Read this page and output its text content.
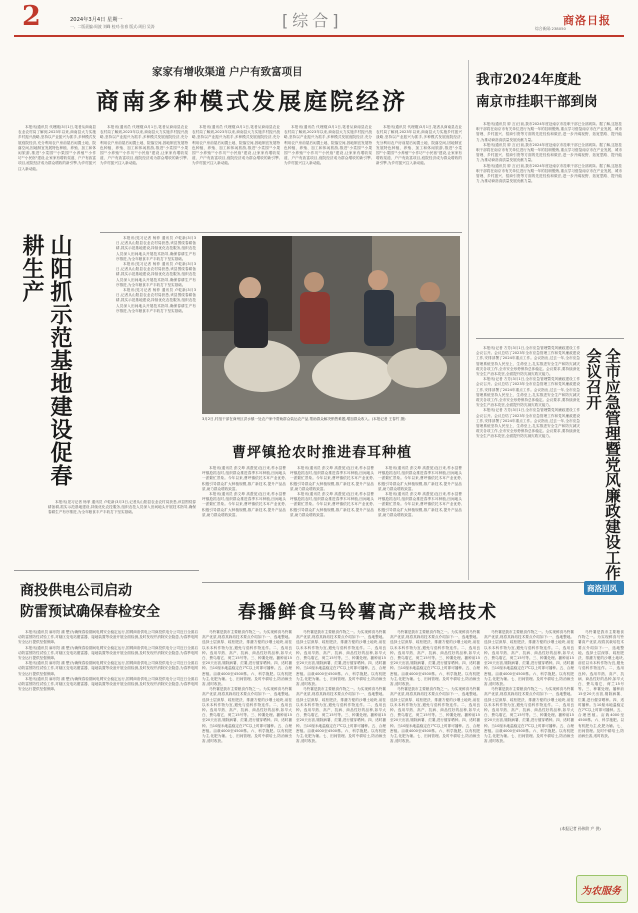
2	2024年3月4日 星期一
一、二版责编:周波 刘峰 校对:张春 版式:周田 吴涛	[综合]	商洛日报
综合新闻:238050
家家有增收渠道 户户有致富项目
商南多种模式发展庭院经济

本报讯(通讯员 代理刚)3月1日,笔者从商南县农业农村局了解到,2023年以来,商南县大力实施乡村振兴战略,坚持以产业振兴为抓手,多种模式发展庭院经济,充分利用农户房前屋后闲置土地、院落空间,因地制宜发展特色种植、养殖、加工和休闲旅游,推进"小菜园""小果园""小养殖""小作坊""小民宿"建设,让家家有增收渠道、户户有致富项目,庭院经济成为群众增收的新引擎,为乡村振兴注入新动能。

本报讯(通讯员 代理刚)3月1日,笔者从商南县农业农村局了解到,2023年以来,商南县大力实施乡村振兴战略,坚持以产业振兴为抓手,多种模式发展庭院经济,充分利用农户房前屋后闲置土地、院落空间,因地制宜发展特色种植、养殖、加工和休闲旅游,推进"小菜园""小果园""小养殖""小作坊""小民宿"建设,让家家有增收渠道、户户有致富项目,庭院经济成为群众增收的新引擎,为乡村振兴注入新动能。

本报讯(通讯员 代理刚)3月1日,笔者从商南县农业农村局了解到,2023年以来,商南县大力实施乡村振兴战略,坚持以产业振兴为抓手,多种模式发展庭院经济,充分利用农户房前屋后闲置土地、院落空间,因地制宜发展特色种植、养殖、加工和休闲旅游,推进"小菜园""小果园""小养殖""小作坊""小民宿"建设,让家家有增收渠道、户户有致富项目,庭院经济成为群众增收的新引擎,为乡村振兴注入新动能。

本报讯(通讯员 代理刚)3月1日,笔者从商南县农业农村局了解到,2023年以来,商南县大力实施乡村振兴战略,坚持以产业振兴为抓手,多种模式发展庭院经济,充分利用农户房前屋后闲置土地、院落空间,因地制宜发展特色种植、养殖、加工和休闲旅游,推进"小菜园""小果园""小养殖""小作坊""小民宿"建设,让家家有增收渠道、户户有致富项目,庭院经济成为群众增收的新引擎,为乡村振兴注入新动能。

本报讯(通讯员 代理刚)3月1日,笔者从商南县农业农村局了解到,2023年以来,商南县大力实施乡村振兴战略,坚持以产业振兴为抓手,多种模式发展庭院经济,充分利用农户房前屋后闲置土地、院落空间,因地制宜发展特色种植、养殖、加工和休闲旅游,推进"小菜园""小果园""小养殖""小作坊""小民宿"建设,让家家有增收渠道、户户有致富项目,庭院经济成为群众增收的新引擎,为乡村振兴注入新动能。

山阳抓示范基地建设促春耕生产	本报讯(见习记者 杨菲 通讯员 卢乾新)3月3日,记者从山阳县农业农村局获悉,该县围绕春耕备耕,抓实示范基地建设,持续优化农技服务,组织农技人员深入田间地头开展技术指导,确保春耕生产有序推进,为全年粮食丰产丰收打下坚实基础。

本报讯(见习记者 杨菲 通讯员 卢乾新)3月3日,记者从山阳县农业农村局获悉,该县围绕春耕备耕,抓实示范基地建设,持续优化农技服务,组织农技人员深入田间地头开展技术指导,确保春耕生产有序推进,为全年粮食丰产丰收打下坚实基础。

本报讯(见习记者 杨菲 通讯员 卢乾新)3月3日,记者从山阳县农业农村局获悉,该县围绕春耕备耕,抓实示范基地建设,持续优化农技服务,组织农技人员深入田间地头开展技术指导,确保春耕生产有序推进,为全年粮食丰产丰收打下坚实基础。

本报讯(见习记者 杨菲 通讯员 卢乾新)3月3日,记者从山阳县农业农村局获悉,该县围绕春耕备耕,抓实示范基地建设,持续优化农技服务,组织农技人员深入田间地头开展技术指导,确保春耕生产有序推进,为全年粮食丰产丰收打下坚实基础。

3月2日,村组干部在商州区洪水镇一处农户家中帮助群众装运农产品,帮助群众解决销售难题,增加群众收入。(本报记者 王春竹 摄)
曹坪镇抢农时推进春耳种植

本报讯(通讯员 彭文坤 高澄宽)连日来,柞水县曹坪镇抢抓农时,组织群众推进春季木耳种植,田间地头一派繁忙景象。今年以来,曹坪镇依托木耳产业优势,积极引导群众扩大种植规模,推广新技术,提升产品品质,助力群众增收致富。

本报讯(通讯员 彭文坤 高澄宽)连日来,柞水县曹坪镇抢抓农时,组织群众推进春季木耳种植,田间地头一派繁忙景象。今年以来,曹坪镇依托木耳产业优势,积极引导群众扩大种植规模,推广新技术,提升产品品质,助力群众增收致富。

本报讯(通讯员 彭文坤 高澄宽)连日来,柞水县曹坪镇抢抓农时,组织群众推进春季木耳种植,田间地头一派繁忙景象。今年以来,曹坪镇依托木耳产业优势,积极引导群众扩大种植规模,推广新技术,提升产品品质,助力群众增收致富。

本报讯(通讯员 彭文坤 高澄宽)连日来,柞水县曹坪镇抢抓农时,组织群众推进春季木耳种植,田间地头一派繁忙景象。今年以来,曹坪镇依托木耳产业优势,积极引导群众扩大种植规模,推广新技术,提升产品品质,助力群众增收致富。

本报讯(通讯员 彭文坤 高澄宽)连日来,柞水县曹坪镇抢抓农时,组织群众推进春季木耳种植,田间地头一派繁忙景象。今年以来,曹坪镇依托木耳产业优势,积极引导群众扩大种植规模,推广新技术,提升产品品质,助力群众增收致富。

本报讯(通讯员 彭文坤 高澄宽)连日来,柞水县曹坪镇抢抓农时,组织群众推进春季木耳种植,田间地头一派繁忙景象。今年以来,曹坪镇依托木耳产业优势,积极引导群众扩大种植规模,推广新技术,提升产品品质,助力群众增收致富。

商投供电公司启动
防雷预试确保春检安全

本报讯(通讯员 麻东阳 蒲 懋)为确保春检期间电网安全稳定运行,国网商洛供电公司商投供电分公司近日全面启动防雷预防性试验工作,对辖区变电站避雷器、接地装置等设备开展全面检测,及时发现并消除安全隐患,为春季电网安全运行提供坚强保障。

本报讯(通讯员 麻东阳 蒲 懋)为确保春检期间电网安全稳定运行,国网商洛供电公司商投供电分公司近日全面启动防雷预防性试验工作,对辖区变电站避雷器、接地装置等设备开展全面检测,及时发现并消除安全隐患,为春季电网安全运行提供坚强保障。

本报讯(通讯员 麻东阳 蒲 懋)为确保春检期间电网安全稳定运行,国网商洛供电公司商投供电分公司近日全面启动防雷预防性试验工作,对辖区变电站避雷器、接地装置等设备开展全面检测,及时发现并消除安全隐患,为春季电网安全运行提供坚强保障。

本报讯(通讯员 麻东阳 蒲 懋)为确保春检期间电网安全稳定运行,国网商洛供电公司商投供电分公司近日全面启动防雷预防性试验工作,对辖区变电站避雷器、接地装置等设备开展全面检测,及时发现并消除安全隐患,为春季电网安全运行提供坚强保障。

春播鲜食马铃薯高产栽培技术

马铃薯是我市主要粮食作物之一。为实现鲜食马铃薯高产优质,现将其栽培技术要点介绍如下:一、选地整地。选择土层深厚、疏松肥沃、排灌方便的沙壤土地块,前茬以禾本科作物为宜,避免与茄科作物连作。二、选用良种。选用早熟、高产、抗病、商品性好的品种,如早大白、费乌瑞它、荷兰15号等。三、种薯处理。播种前15至20天出窖,剔除病薯、烂薯,进行催芽晒种。四、适时播种。当10厘米地温稳定在7℃以上时即可播种。五、合理密植。亩栽4000至4500株。六、科学施肥。以有机肥为主,化肥为辅。七、田间管理。及时中耕培土,防治病虫害,适时收获。

马铃薯是我市主要粮食作物之一。为实现鲜食马铃薯高产优质,现将其栽培技术要点介绍如下:一、选地整地。选择土层深厚、疏松肥沃、排灌方便的沙壤土地块,前茬以禾本科作物为宜,避免与茄科作物连作。二、选用良种。选用早熟、高产、抗病、商品性好的品种,如早大白、费乌瑞它、荷兰15号等。三、种薯处理。播种前15至20天出窖,剔除病薯、烂薯,进行催芽晒种。四、适时播种。当10厘米地温稳定在7℃以上时即可播种。五、合理密植。亩栽4000至4500株。六、科学施肥。以有机肥为主,化肥为辅。七、田间管理。及时中耕培土,防治病虫害,适时收获。

马铃薯是我市主要粮食作物之一。为实现鲜食马铃薯高产优质,现将其栽培技术要点介绍如下:一、选地整地。选择土层深厚、疏松肥沃、排灌方便的沙壤土地块,前茬以禾本科作物为宜,避免与茄科作物连作。二、选用良种。选用早熟、高产、抗病、商品性好的品种,如早大白、费乌瑞它、荷兰15号等。三、种薯处理。播种前15至20天出窖,剔除病薯、烂薯,进行催芽晒种。四、适时播种。当10厘米地温稳定在7℃以上时即可播种。五、合理密植。亩栽4000至4500株。六、科学施肥。以有机肥为主,化肥为辅。七、田间管理。及时中耕培土,防治病虫害,适时收获。

马铃薯是我市主要粮食作物之一。为实现鲜食马铃薯高产优质,现将其栽培技术要点介绍如下:一、选地整地。选择土层深厚、疏松肥沃、排灌方便的沙壤土地块,前茬以禾本科作物为宜,避免与茄科作物连作。二、选用良种。选用早熟、高产、抗病、商品性好的品种,如早大白、费乌瑞它、荷兰15号等。三、种薯处理。播种前15至20天出窖,剔除病薯、烂薯,进行催芽晒种。四、适时播种。当10厘米地温稳定在7℃以上时即可播种。五、合理密植。亩栽4000至4500株。六、科学施肥。以有机肥为主,化肥为辅。七、田间管理。及时中耕培土,防治病虫害,适时收获。

马铃薯是我市主要粮食作物之一。为实现鲜食马铃薯高产优质,现将其栽培技术要点介绍如下:一、选地整地。选择土层深厚、疏松肥沃、排灌方便的沙壤土地块,前茬以禾本科作物为宜,避免与茄科作物连作。二、选用良种。选用早熟、高产、抗病、商品性好的品种,如早大白、费乌瑞它、荷兰15号等。三、种薯处理。播种前15至20天出窖,剔除病薯、烂薯,进行催芽晒种。四、适时播种。当10厘米地温稳定在7℃以上时即可播种。五、合理密植。亩栽4000至4500株。六、科学施肥。以有机肥为主,化肥为辅。七、田间管理。及时中耕培土,防治病虫害,适时收获。

马铃薯是我市主要粮食作物之一。为实现鲜食马铃薯高产优质,现将其栽培技术要点介绍如下:一、选地整地。选择土层深厚、疏松肥沃、排灌方便的沙壤土地块,前茬以禾本科作物为宜,避免与茄科作物连作。二、选用良种。选用早熟、高产、抗病、商品性好的品种,如早大白、费乌瑞它、荷兰15号等。三、种薯处理。播种前15至20天出窖,剔除病薯、烂薯,进行催芽晒种。四、适时播种。当10厘米地温稳定在7℃以上时即可播种。五、合理密植。亩栽4000至4500株。六、科学施肥。以有机肥为主,化肥为辅。七、田间管理。及时中耕培土,防治病虫害,适时收获。

马铃薯是我市主要粮食作物之一。为实现鲜食马铃薯高产优质,现将其栽培技术要点介绍如下:一、选地整地。选择土层深厚、疏松肥沃、排灌方便的沙壤土地块,前茬以禾本科作物为宜,避免与茄科作物连作。二、选用良种。选用早熟、高产、抗病、商品性好的品种,如早大白、费乌瑞它、荷兰15号等。三、种薯处理。播种前15至20天出窖,剔除病薯、烂薯,进行催芽晒种。四、适时播种。当10厘米地温稳定在7℃以上时即可播种。五、合理密植。亩栽4000至4500株。六、科学施肥。以有机肥为主,化肥为辅。七、田间管理。及时中耕培土,防治病虫害,适时收获。

马铃薯是我市主要粮食作物之一。为实现鲜食马铃薯高产优质,现将其栽培技术要点介绍如下:一、选地整地。选择土层深厚、疏松肥沃、排灌方便的沙壤土地块,前茬以禾本科作物为宜,避免与茄科作物连作。二、选用良种。选用早熟、高产、抗病、商品性好的品种,如早大白、费乌瑞它、荷兰15号等。三、种薯处理。播种前15至20天出窖,剔除病薯、烂薯,进行催芽晒种。四、适时播种。当10厘米地温稳定在7℃以上时即可播种。五、合理密植。亩栽4000至4500株。六、科学施肥。以有机肥为主,化肥为辅。七、田间管理。及时中耕培土,防治病虫害,适时收获。

马铃薯是我市主要粮食作物之一。为实现鲜食马铃薯高产优质,现将其栽培技术要点介绍如下:一、选地整地。选择土层深厚、疏松肥沃、排灌方便的沙壤土地块,前茬以禾本科作物为宜,避免与茄科作物连作。二、选用良种。选用早熟、高产、抗病、商品性好的品种,如早大白、费乌瑞它、荷兰15号等。三、种薯处理。播种前15至20天出窖,剔除病薯、烂薯,进行催芽晒种。四、适时播种。当10厘米地温稳定在7℃以上时即可播种。五、合理密植。亩栽4000至4500株。六、科学施肥。以有机肥为主,化肥为辅。七、田间管理。及时中耕培土,防治病虫害,适时收获。

(本报记者 孙伟阶 产 供)
我市2024年度赴
南京市挂职干部到岗

本报讯(通讯员 廖 言)日前,我市2024年度赴南京市挂职干部已全部到岗。据了解,这批挂职干部将在南京市有关单位进行为期一年的挂职锻炼,重点学习借鉴南京市在产业发展、城市管理、乡村振兴、招商引资等方面的先进经验和做法,进一步开阔视野、拓宽思路、提升能力,为推动商洛高质量发展贡献力量。

本报讯(通讯员 廖 言)日前,我市2024年度赴南京市挂职干部已全部到岗。据了解,这批挂职干部将在南京市有关单位进行为期一年的挂职锻炼,重点学习借鉴南京市在产业发展、城市管理、乡村振兴、招商引资等方面的先进经验和做法,进一步开阔视野、拓宽思路、提升能力,为推动商洛高质量发展贡献力量。

本报讯(通讯员 廖 言)日前,我市2024年度赴南京市挂职干部已全部到岗。据了解,这批挂职干部将在南京市有关单位进行为期一年的挂职锻炼,重点学习借鉴南京市在产业发展、城市管理、乡村振兴、招商引资等方面的先进经验和做法,进一步开阔视野、拓宽思路、提升能力,为推动商洛高质量发展贡献力量。

本报讯(记者 方芳)3月1日,全市应急管理暨党风廉政建设工作会议召开。会议总结了2023年全市应急管理工作和党风廉政建设工作,安排部署了2024年重点工作。会议指出,过去一年,全市应急管理系统坚持人民至上、生命至上,扎实推进安全生产和防灾减灾救灾各项工作,全市安全形势保持总体稳定。会议要求,要持续深化安全生产治本攻坚,全面提升防灾减灾救灾能力。

本报讯(记者 方芳)3月1日,全市应急管理暨党风廉政建设工作会议召开。会议总结了2023年全市应急管理工作和党风廉政建设工作,安排部署了2024年重点工作。会议指出,过去一年,全市应急管理系统坚持人民至上、生命至上,扎实推进安全生产和防灾减灾救灾各项工作,全市安全形势保持总体稳定。会议要求,要持续深化安全生产治本攻坚,全面提升防灾减灾救灾能力。

本报讯(记者 方芳)3月1日,全市应急管理暨党风廉政建设工作会议召开。会议总结了2023年全市应急管理工作和党风廉政建设工作,安排部署了2024年重点工作。会议指出,过去一年,全市应急管理系统坚持人民至上、生命至上,扎实推进安全生产和防灾减灾救灾各项工作,全市安全形势保持总体稳定。会议要求,要持续深化安全生产治本攻坚,全面提升防灾减灾救灾能力。	全市应急管理暨党风廉政建设工作会议召开
商洛回风
为农服务
